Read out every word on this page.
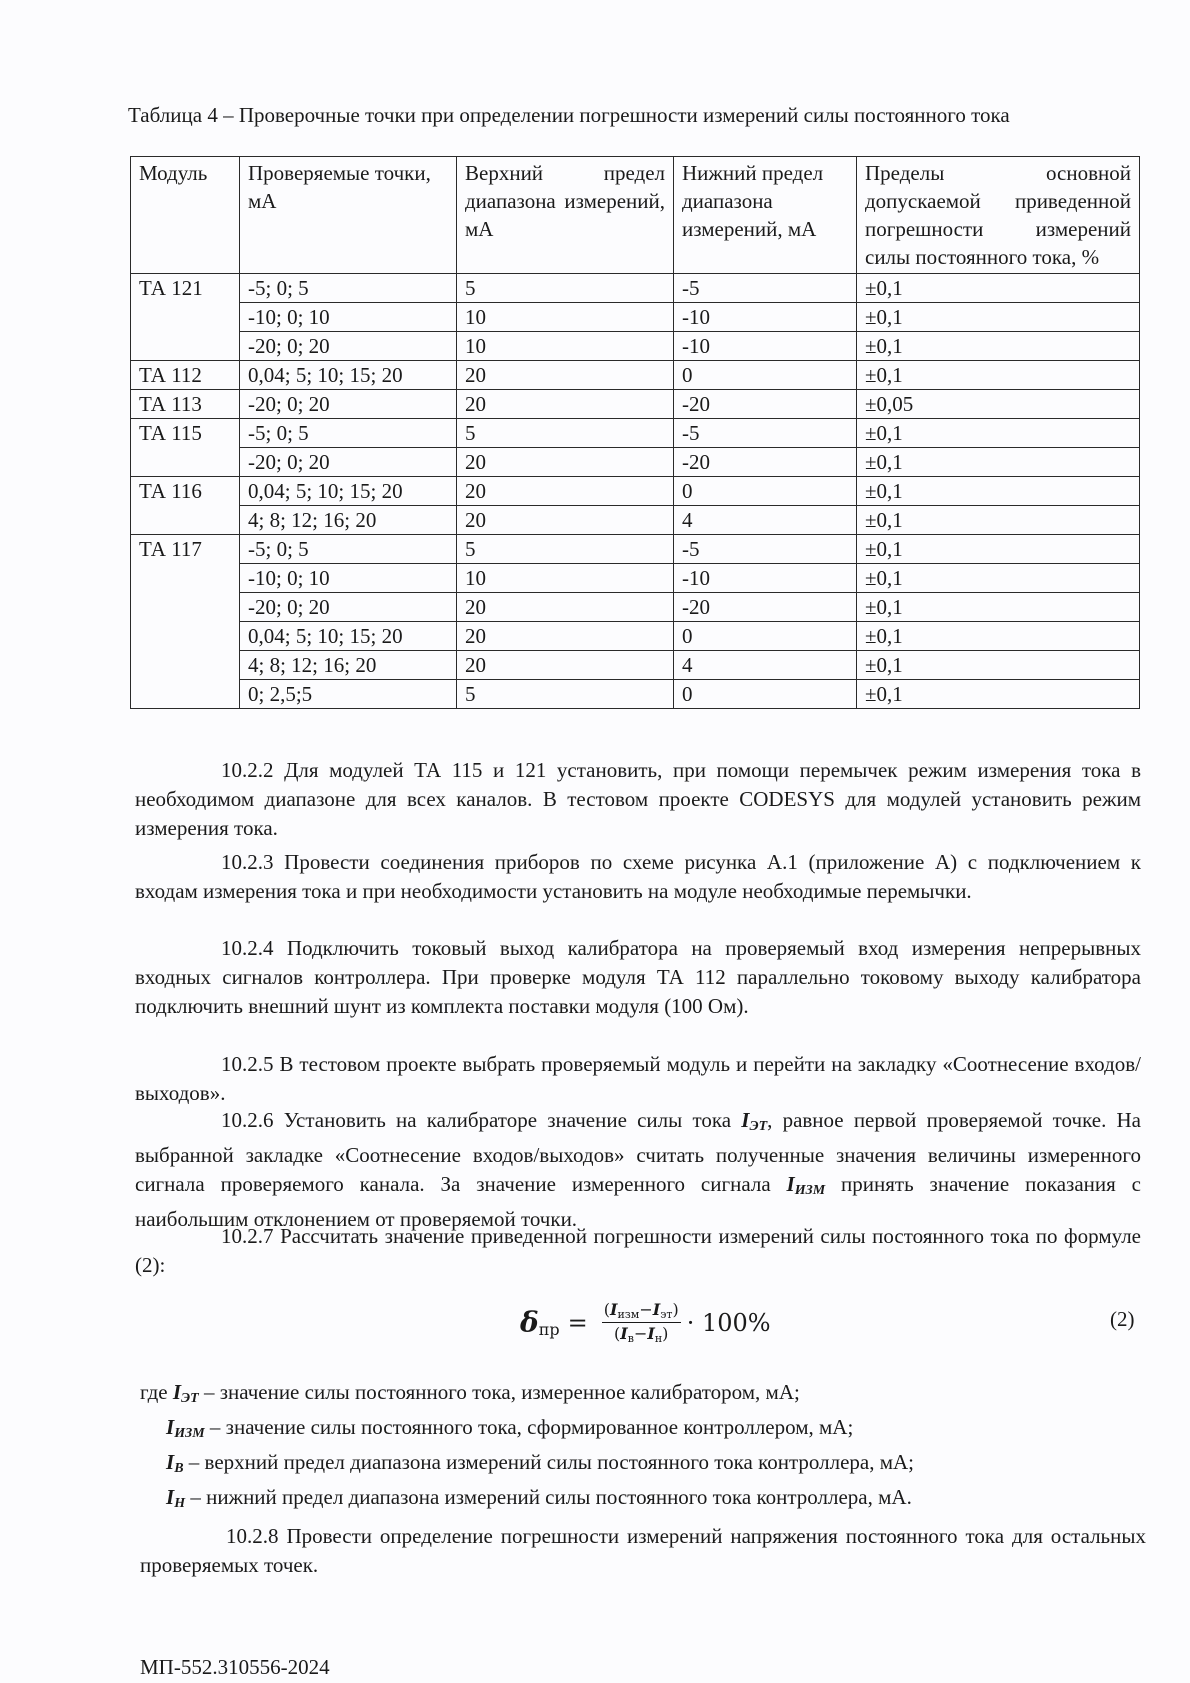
Таблица 4 – Проверочные точки при определении погрешности измерений силы постоянного тока
Модуль	Проверяемые точки, мА	Верхний предел диапазона измерений, мА	Нижний предел диапазона измерений, мА	Пределы основной допускаемой приведенной погрешности измерений силы постоянного тока, %
ТА 121	-5; 0; 5	5	-5	±0,1
	-10; 0; 10	10	-10	±0,1
	-20; 0; 20	10	-10	±0,1
ТА 112	0,04; 5; 10; 15; 20	20	0	±0,1
ТА 113	-20; 0; 20	20	-20	±0,05
ТА 115	-5; 0; 5	5	-5	±0,1
	-20; 0; 20	20	-20	±0,1
ТА 116	0,04; 5; 10; 15; 20	20	0	±0,1
	4; 8; 12; 16; 20	20	4	±0,1
ТА 117	-5; 0; 5	5	-5	±0,1
	-10; 0; 10	10	-10	±0,1
	-20; 0; 20	20	-20	±0,1
	0,04; 5; 10; 15; 20	20	0	±0,1
	4; 8; 12; 16; 20	20	4	±0,1
	0; 2,5;5	5	0	±0,1

10.2.2 Для модулей ТА 115 и 121 установить, при помощи перемычек режим измерения тока в необходимом диапазоне для всех каналов. В тестовом проекте CODESYS для модулей установить режим измерения тока.

10.2.3 Провести соединения приборов по схеме рисунка А.1 (приложение А) с подключением к входам измерения тока и при необходимости установить на модуле необходимые перемычки.

10.2.4 Подключить токовый выход калибратора на проверяемый вход измерения непрерывных входных сигналов контроллера. При проверке модуля ТА 112 параллельно токовому выходу калибратора подключить внешний шунт из комплекта поставки модуля (100 Ом).

10.2.5 В тестовом проекте выбрать проверяемый модуль и перейти на закладку «Соотнесение входов/выходов».

10.2.6 Установить на калибраторе значение силы тока $I_{ЭТ}$, равное первой проверяемой точке. На выбранной закладке «Соотнесение входов/выходов» считать полученные значения величины измеренного сигнала проверяемого канала. За значение измеренного сигнала $I_{ИЗМ}$ принять значение показания с наибольшим отклонением от проверяемой точки.

10.2.7 Рассчитать значение приведенной погрешности измерений силы постоянного тока по формуле (2):

$\delta пр = \frac{(I_{изм}-I_{эт})}{(I_в-I_н)} \cdot 100\%$	(2)
где $I_{ЭТ}$ – значение силы постоянного тока, измеренное калибратором, мА;
$I_{ИЗМ}$ – значение силы постоянного тока, сформированное контроллером, мА;
$I_В$ – верхний предел диапазона измерений силы постоянного тока контроллера, мА;
$I_Н$ – нижний предел диапазона измерений силы постоянного тока контроллера, мА.

10.2.8 Провести определение погрешности измерений напряжения постоянного тока для остальных проверяемых точек.

МП-552.310556-2024
